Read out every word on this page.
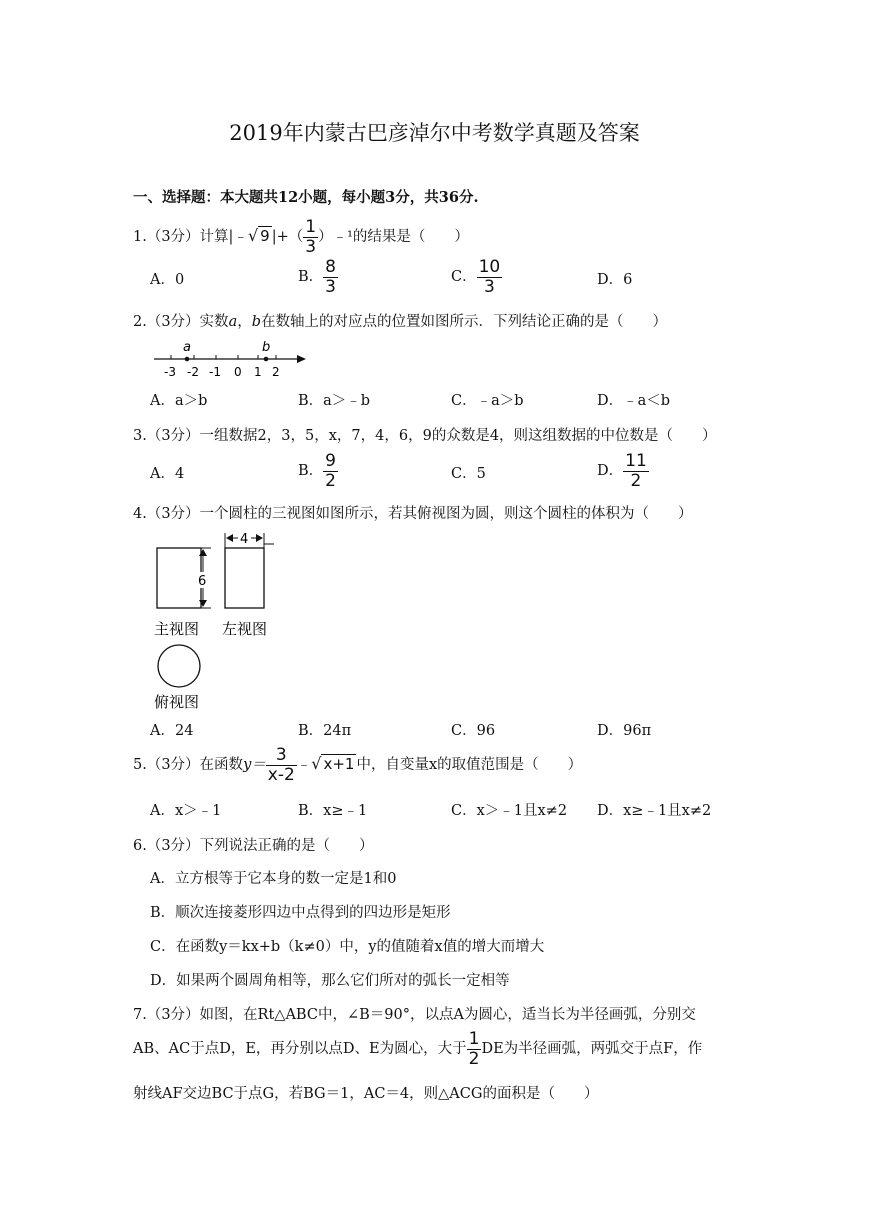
2019年内蒙古巴彦淖尔中考数学真题及答案
一、选择题：本大题共12小题，每小题3分，共36分.
1.（3分）计算|﹣√ 9 |+（ $\frac{1}{3}$ ）﹣¹的结果是（　　）
A．0	B． $\frac{8}{3}$	C． $\frac{10}{3}$	D．6
2.（3分）实数a，b在数轴上的对应点的位置如图所示．下列结论正确的是（　　）
a	b
-3 -2 -1 0 1 2
A．a＞b	B．a＞﹣b	C．﹣a＞b	D．﹣a＜b
3.（3分）一组数据2，3，5，x，7，4，6，9的众数是4，则这组数据的中位数是（　　）
A．4	B． $\frac{9}{2}$	C．5	D． $\frac{11}{2}$
4.（3分）一个圆柱的三视图如图所示，若其俯视图为圆，则这个圆柱的体积为（　　）
6
4
主视图 左视图
俯视图
A．24	B．24π	C．96	D．96π
5.（3分）在函数$y= \frac{3}{x-2}$ ﹣√ x+1 中，自变量x的取值范围是（　　）
A．x＞﹣1	B．x≥﹣1	C．x＞﹣1且x≠2 D．x≥﹣1且x≠2
6.（3分）下列说法正确的是（　　）
A．立方根等于它本身的数一定是1和0
B．顺次连接菱形四边中点得到的四边形是矩形
C．在函数y＝kx+b（k≠0）中，y的值随着x值的增大而增大
D．如果两个圆周角相等，那么它们所对的弧长一定相等
7.（3分）如图，在Rt△ABC中，∠B＝90°，以点A为圆心，适当长为半径画弧，分别交
AB、AC于点D，E，再分别以点D、E为圆心，大于 $\frac{1}{2}$ DE为半径画弧，两弧交于点F，作
射线AF交边BC于点G，若BG＝1，AC＝4，则△ACG的面积是（　　）
